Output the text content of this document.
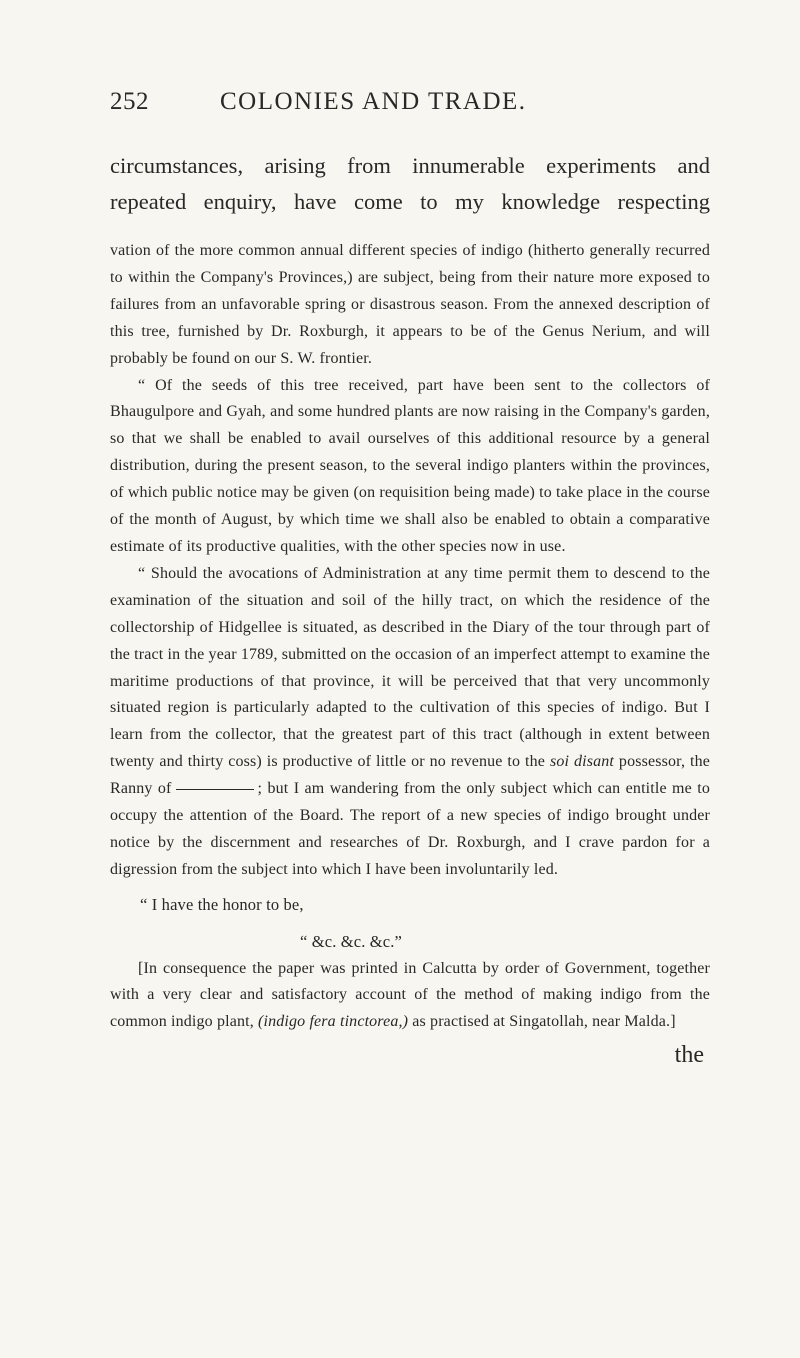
252	COLONIES AND TRADE.
circumstances, arising from innumerable experiments and
repeated enquiry, have come to my knowledge respecting

vation of the more common annual different species of indigo (hitherto generally recurred to within the Company's Provinces,) are subject, being from their nature more exposed to failures from an unfavorable spring or disastrous season. From the annexed description of this tree, furnished by Dr. Roxburgh, it appears to be of the Genus Nerium, and will probably be found on our S. W. frontier.

“ Of the seeds of this tree received, part have been sent to the collectors of Bhaugulpore and Gyah, and some hundred plants are now raising in the Company's garden, so that we shall be enabled to avail ourselves of this additional resource by a general distribution, during the present season, to the several indigo planters within the provinces, of which public notice may be given (on requisition being made) to take place in the course of the month of August, by which time we shall also be enabled to obtain a comparative estimate of its productive qualities, with the other species now in use.

“ Should the avocations of Administration at any time permit them to descend to the examination of the situation and soil of the hilly tract, on which the residence of the collectorship of Hidgellee is situated, as described in the Diary of the tour through part of the tract in the year 1789, submitted on the occasion of an imperfect attempt to examine the maritime productions of that province, it will be perceived that that very uncommonly situated region is particularly adapted to the cultivation of this species of indigo. But I learn from the collector, that the greatest part of this tract (although in extent between twenty and thirty coss) is productive of little or no revenue to the soi disant possessor, the Ranny of	; but I am wandering from the only subject which can entitle me to occupy the attention of the Board. The report of a new species of indigo brought under notice by the discernment and researches of Dr. Roxburgh, and I crave pardon for a digression from the subject into which I have been involuntarily led.

“ I have the honor to be,
“ &c. &c. &c.”

[In consequence the paper was printed in Calcutta by order of Government, together with a very clear and satisfactory account of the method of making indigo from the common indigo plant, (indigo fera tinctorea,) as practised at Singatollah, near Malda.]

the
